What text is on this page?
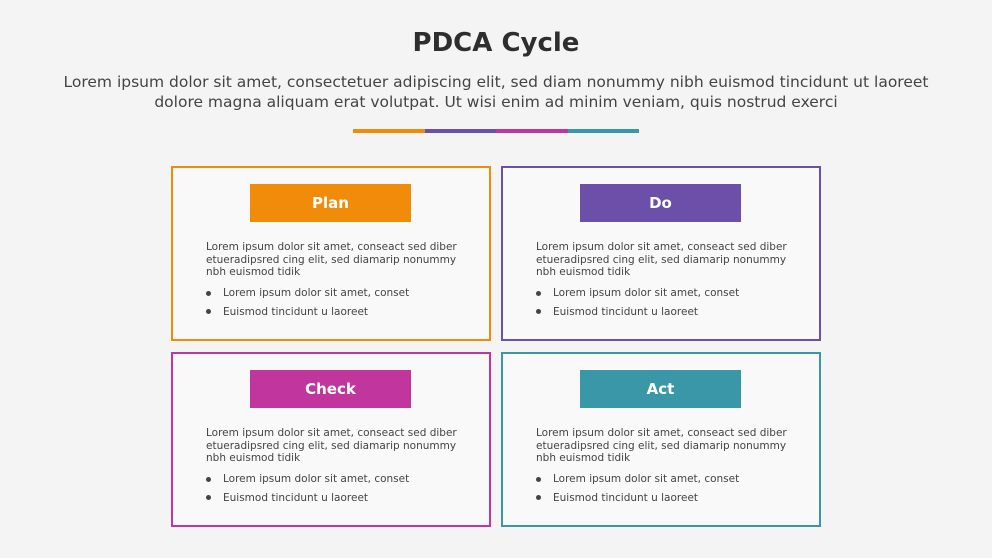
PDCA Cycle
Lorem ipsum dolor sit amet, consectetuer adipiscing elit, sed diam nonummy nibh euismod tincidunt ut laoreet dolore magna aliquam erat volutpat. Ut wisi enim ad minim veniam, quis nostrud exerci
Plan
Lorem ipsum dolor sit amet, conseact sed diber etueradipsred cing elit, sed diamarip nonummy nbh euismod tidik
Lorem ipsum dolor sit amet, conset
Euismod tincidunt u laoreet
Do
Lorem ipsum dolor sit amet, conseact sed diber etueradipsred cing elit, sed diamarip nonummy nbh euismod tidik
Lorem ipsum dolor sit amet, conset
Euismod tincidunt u laoreet
Check
Lorem ipsum dolor sit amet, conseact sed diber etueradipsred cing elit, sed diamarip nonummy nbh euismod tidik
Lorem ipsum dolor sit amet, conset
Euismod tincidunt u laoreet
Act
Lorem ipsum dolor sit amet, conseact sed diber etueradipsred cing elit, sed diamarip nonummy nbh euismod tidik
Lorem ipsum dolor sit amet, conset
Euismod tincidunt u laoreet
